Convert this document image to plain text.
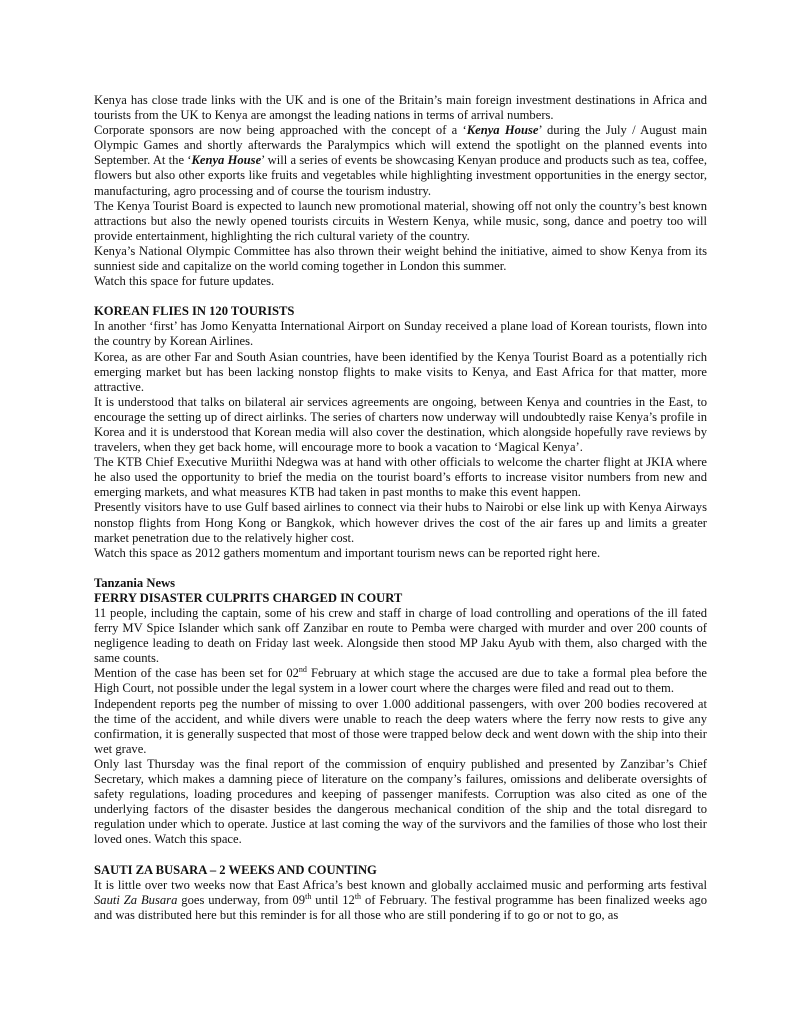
Kenya has close trade links with the UK and is one of the Britain’s main foreign investment destinations in Africa and tourists from the UK to Kenya are amongst the leading nations in terms of arrival numbers.

Corporate sponsors are now being approached with the concept of a ‘Kenya House’ during the July / August main Olympic Games and shortly afterwards the Paralympics which will extend the spotlight on the planned events into September. At the ‘Kenya House’ will a series of events be showcasing Kenyan produce and products such as tea, coffee, flowers but also other exports like fruits and vegetables while highlighting investment opportunities in the energy sector, manufacturing, agro processing and of course the tourism industry.

The Kenya Tourist Board is expected to launch new promotional material, showing off not only the country’s best known attractions but also the newly opened tourists circuits in Western Kenya, while music, song, dance and poetry too will provide entertainment, highlighting the rich cultural variety of the country.

Kenya’s National Olympic Committee has also thrown their weight behind the initiative, aimed to show Kenya from its sunniest side and capitalize on the world coming together in London this summer.

Watch this space for future updates.

KOREAN FLIES IN 120 TOURISTS

In another ‘first’ has Jomo Kenyatta International Airport on Sunday received a plane load of Korean tourists, flown into the country by Korean Airlines.

Korea, as are other Far and South Asian countries, have been identified by the Kenya Tourist Board as a potentially rich emerging market but has been lacking nonstop flights to make visits to Kenya, and East Africa for that matter, more attractive.

It is understood that talks on bilateral air services agreements are ongoing, between Kenya and countries in the East, to encourage the setting up of direct airlinks. The series of charters now underway will undoubtedly raise Kenya’s profile in Korea and it is understood that Korean media will also cover the destination, which alongside hopefully rave reviews by travelers, when they get back home, will encourage more to book a vacation to ‘Magical Kenya’.

The KTB Chief Executive Muriithi Ndegwa was at hand with other officials to welcome the charter flight at JKIA where he also used the opportunity to brief the media on the tourist board’s efforts to increase visitor numbers from new and emerging markets, and what measures KTB had taken in past months to make this event happen.

Presently visitors have to use Gulf based airlines to connect via their hubs to Nairobi or else link up with Kenya Airways nonstop flights from Hong Kong or Bangkok, which however drives the cost of the air fares up and limits a greater market penetration due to the relatively higher cost.

Watch this space as 2012 gathers momentum and important tourism news can be reported right here.

Tanzania News

FERRY DISASTER CULPRITS CHARGED IN COURT

11 people, including the captain, some of his crew and staff in charge of load controlling and operations of the ill fated ferry MV Spice Islander which sank off Zanzibar en route to Pemba were charged with murder and over 200 counts of negligence leading to death on Friday last week. Alongside then stood MP Jaku Ayub with them, also charged with the same counts.

Mention of the case has been set for 02nd February at which stage the accused are due to take a formal plea before the High Court, not possible under the legal system in a lower court where the charges were filed and read out to them.

Independent reports peg the number of missing to over 1.000 additional passengers, with over 200 bodies recovered at the time of the accident, and while divers were unable to reach the deep waters where the ferry now rests to give any confirmation, it is generally suspected that most of those were trapped below deck and went down with the ship into their wet grave.

Only last Thursday was the final report of the commission of enquiry published and presented by Zanzibar’s Chief Secretary, which makes a damning piece of literature on the company’s failures, omissions and deliberate oversights of safety regulations, loading procedures and keeping of passenger manifests. Corruption was also cited as one of the underlying factors of the disaster besides the dangerous mechanical condition of the ship and the total disregard to regulation under which to operate. Justice at last coming the way of the survivors and the families of those who lost their loved ones. Watch this space.

SAUTI ZA BUSARA – 2 WEEKS AND COUNTING

It is little over two weeks now that East Africa’s best known and globally acclaimed music and performing arts festival Sauti Za Busara goes underway, from 09th until 12th of February. The festival programme has been finalized weeks ago and was distributed here but this reminder is for all those who are still pondering if to go or not to go, as
